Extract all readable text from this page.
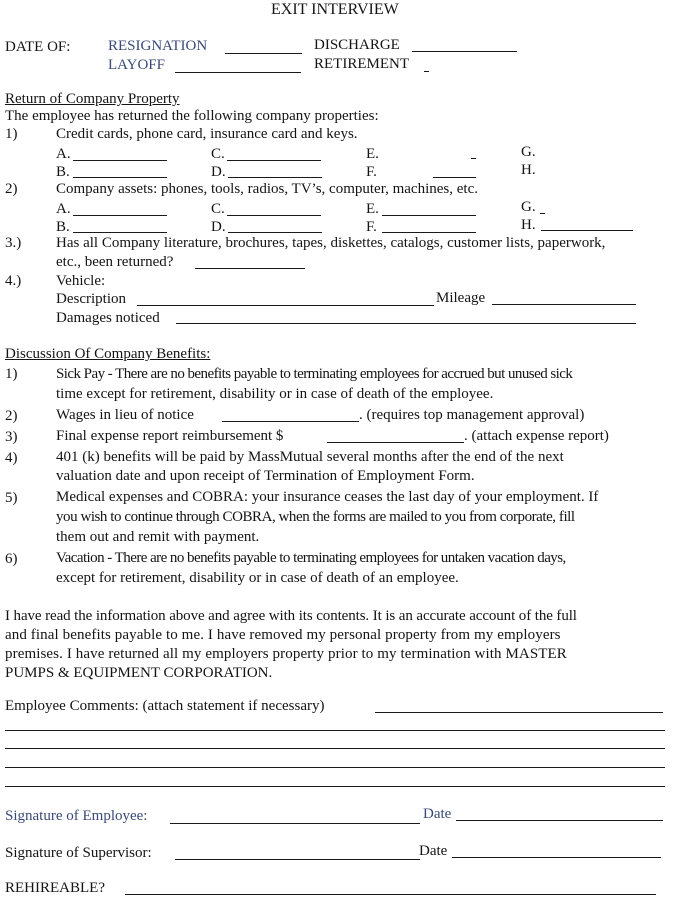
EXIT INTERVIEW
DATE OF:	RESIGNATION	DISCHARGE
LAYOFF	RETIREMENT
Return of Company Property
The employee has returned the following company properties:
1)	Credit cards, phone card, insurance card and keys.
A.	C.	E.	G.
B.	D.	F.	H.
2)	Company assets: phones, tools, radios, TV’s, computer, machines, etc.
A.	C.	E.	G.
B.	D.	F.	H.
3.) Has all Company literature, brochures, tapes, diskettes, catalogs, customer lists, paperwork,
etc., been returned?
4.) Vehicle:
Description	Mileage
Damages noticed
Discussion Of Company Benefits:
1)	Sick Pay - There are no benefits payable to terminating employees for accrued but unused sick
time except for retirement, disability or in case of death of the employee.
2)	Wages in lieu of notice	. (requires top management approval)
3)	Final expense report reimbursement $	. (attach expense report)
4)	401 (k) benefits will be paid by MassMutual several months after the end of the next
valuation date and upon receipt of Termination of Employment Form.
5)	Medical expenses and COBRA: your insurance ceases the last day of your employment. If
you wish to continue through COBRA, when the forms are mailed to you from corporate, fill
them out and remit with payment.
6)	Vacation - There are no benefits payable to terminating employees for untaken vacation days,
except for retirement, disability or in case of death of an employee.
I have read the information above and agree with its contents. It is an accurate account of the full
and final benefits payable to me. I have removed my personal property from my employers
premises. I have returned all my employers property prior to my termination with MASTER
PUMPS & EQUIPMENT CORPORATION.
Employee Comments: (attach statement if necessary)
Signature of Employee:	Date
Signature of Supervisor:	Date
REHIREABLE?
